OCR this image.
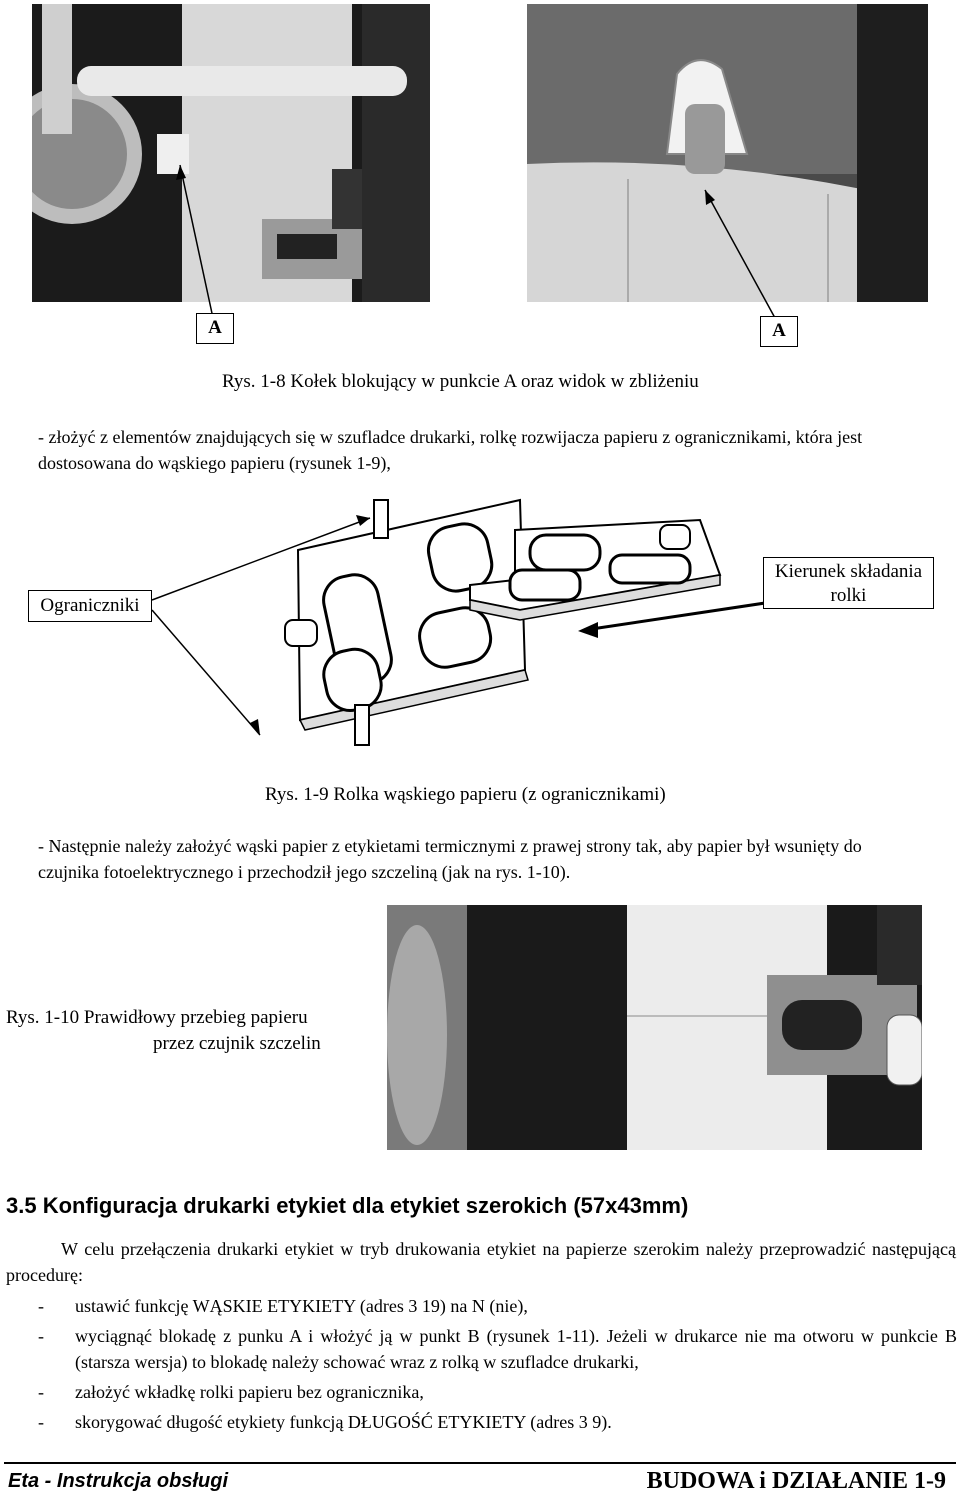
A	A
Rys. 1-8 Kołek blokujący w punkcie A oraz widok w zbliżeniu
- złożyć z elementów znajdujących się w szufladce drukarki, rolkę rozwijacza papieru z ogranicznikami, która jest dostosowana do wąskiego papieru (rysunek 1-9),
Ograniczniki
Kierunek składania
rolki
Rys. 1-9 Rolka wąskiego papieru (z ogranicznikami)
- Następnie należy założyć wąski papier z etykietami termicznymi z prawej strony tak, aby papier był wsunięty do czujnika fotoelektrycznego i przechodził jego szczeliną (jak na rys. 1-10).
Rys. 1-10 Prawidłowy przebieg papieru
przez czujnik szczelin
3.5 Konfiguracja drukarki etykiet dla etykiet szerokich (57x43mm)
W celu przełączenia drukarki etykiet w tryb drukowania etykiet na papierze szerokim należy przeprowadzić następującą procedurę:
- ustawić funkcję WĄSKIE ETYKIETY (adres 3 19) na N (nie),
- wyciągnąć blokadę z punku A i włożyć ją w punkt B (rysunek 1-11). Jeżeli w drukarce nie ma otworu w punkcie B (starsza wersja) to blokadę należy schować wraz z rolką w szufladce drukarki,
- założyć wkładkę rolki papieru bez ogranicznika,
- skorygować długość etykiety funkcją DŁUGOŚĆ ETYKIETY (adres 3 9).
Eta - Instrukcja obsługi	BUDOWA i DZIAŁANIE 1-9
